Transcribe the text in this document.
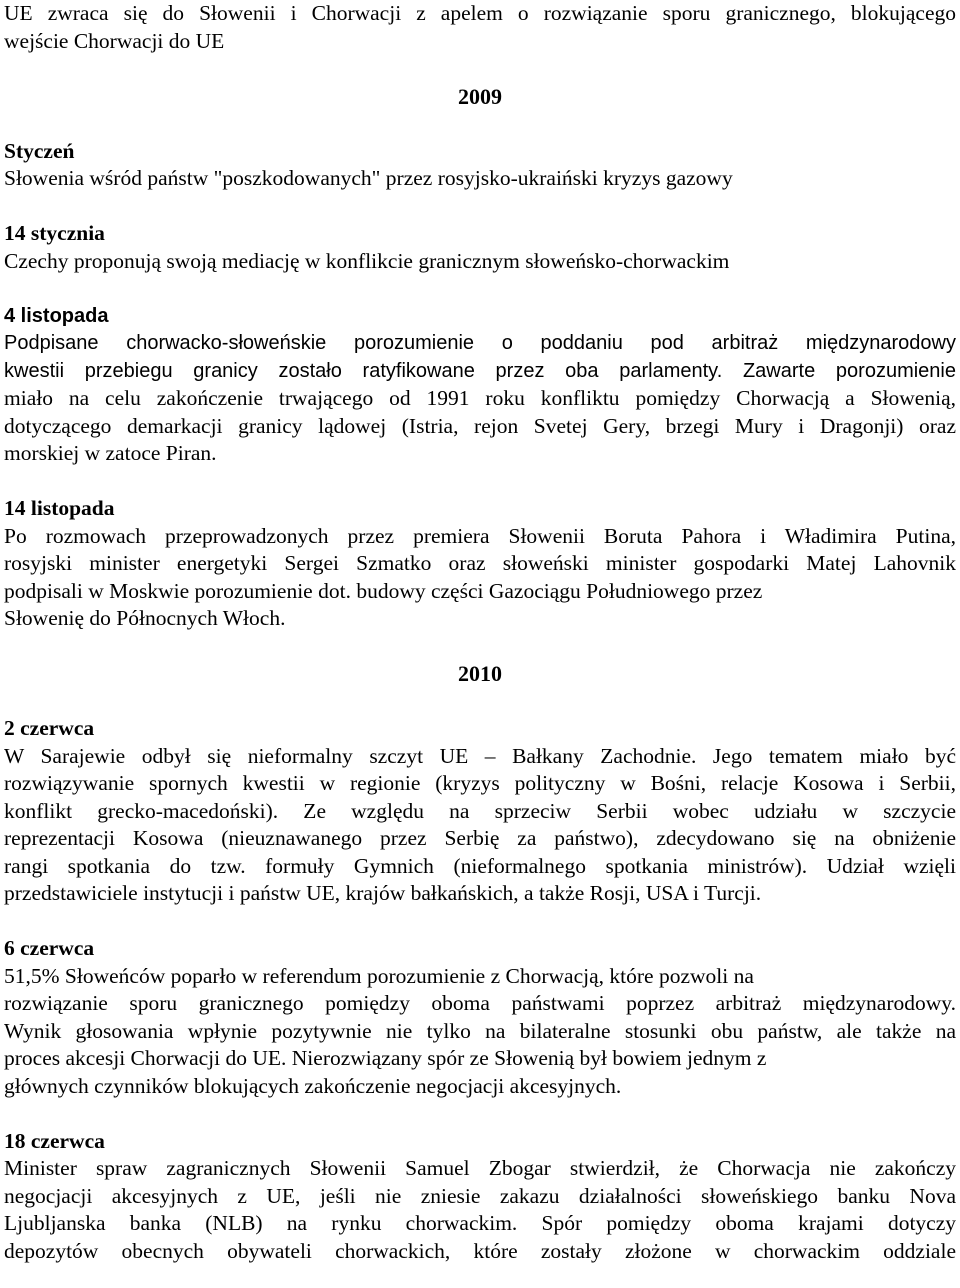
UE zwraca się do Słowenii i Chorwacji z apelem o rozwiązanie sporu granicznego, blokującego
wejście Chorwacji do UE
2009
Styczeń
Słowenia wśród państw "poszkodowanych" przez rosyjsko-ukraiński kryzys gazowy
14 stycznia
Czechy proponują swoją mediację w konflikcie granicznym słoweńsko-chorwackim
4 listopada
Podpisane chorwacko-słoweńskie porozumienie o poddaniu pod arbitraż międzynarodowy
kwestii przebiegu granicy zostało ratyfikowane przez oba parlamenty. Zawarte porozumienie
miało na celu zakończenie trwającego od 1991 roku konfliktu pomiędzy Chorwacją a Słowenią,
dotyczącego demarkacji granicy lądowej (Istria, rejon Svetej Gery, brzegi Mury i Dragonji) oraz
morskiej w zatoce Piran.
14 listopada
Po rozmowach przeprowadzonych przez premiera Słowenii Boruta Pahora i Władimira Putina,
rosyjski minister energetyki Sergei Szmatko oraz słoweński minister gospodarki Matej Lahovnik
podpisali w Moskwie porozumienie dot. budowy części Gazociągu Południowego przez
Słowenię do Północnych Włoch.
2010
2 czerwca
W Sarajewie odbył się nieformalny szczyt UE – Bałkany Zachodnie. Jego tematem miało być
rozwiązywanie spornych kwestii w regionie (kryzys polityczny w Bośni, relacje Kosowa i Serbii,
konflikt grecko-macedoński). Ze względu na sprzeciw Serbii wobec udziału w szczycie
reprezentacji Kosowa (nieuznawanego przez Serbię za państwo), zdecydowano się na obniżenie
rangi spotkania do tzw. formuły Gymnich (nieformalnego spotkania ministrów). Udział wzięli
przedstawiciele instytucji i państw UE, krajów bałkańskich, a także Rosji, USA i Turcji.
6 czerwca
51,5% Słoweńców poparło w referendum porozumienie z Chorwacją, które pozwoli na
rozwiązanie sporu granicznego pomiędzy oboma państwami poprzez arbitraż międzynarodowy.
Wynik głosowania wpłynie pozytywnie nie tylko na bilateralne stosunki obu państw, ale także na
proces akcesji Chorwacji do UE. Nierozwiązany spór ze Słowenią był bowiem jednym z
głównych czynników blokujących zakończenie negocjacji akcesyjnych.
18 czerwca
Minister spraw zagranicznych Słowenii Samuel Zbogar stwierdził, że Chorwacja nie zakończy
negocjacji akcesyjnych z UE, jeśli nie zniesie zakazu działalności słoweńskiego banku Nova
Ljubljanska banka (NLB) na rynku chorwackim. Spór pomiędzy oboma krajami dotyczy
depozytów obecnych obywateli chorwackich, które zostały złożone w chorwackim oddziale
